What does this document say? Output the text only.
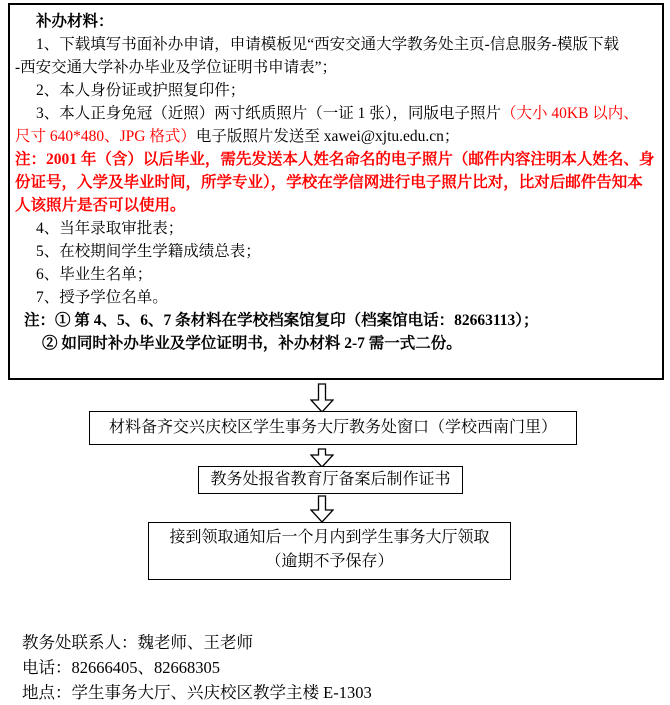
补办材料：
1、下载填写书面补办申请，申请模板见“西安交通大学教务处主页-信息服务-模版下载
-西安交通大学补办毕业及学位证明书申请表”；
2、本人身份证或护照复印件；
3、本人正身免冠（近照）两寸纸质照片（一证 1 张），同版电子照片（大小 40KB 以内、
尺寸 640*480、JPG 格式）电子版照片发送至 xawei@xjtu.edu.cn；
注：2001 年（含）以后毕业，需先发送本人姓名命名的电子照片（邮件内容注明本人姓名、身
份证号，入学及毕业时间，所学专业），学校在学信网进行电子照片比对，比对后邮件告知本
人该照片是否可以使用。
4、当年录取审批表；
5、在校期间学生学籍成绩总表；
6、毕业生名单；
7、授予学位名单。
注：① 第 4、5、6、7 条材料在学校档案馆复印（档案馆电话：82663113）；
② 如同时补办毕业及学位证明书，补办材料 2-7 需一式二份。
材料备齐交兴庆校区学生事务大厅教务处窗口（学校西南门里）
教务处报省教育厅备案后制作证书
接到领取通知后一个月内到学生事务大厅领取
（逾期不予保存）
教务处联系人：魏老师、王老师
电话：82666405、82668305
地点：学生事务大厅、兴庆校区教学主楼 E-1303
